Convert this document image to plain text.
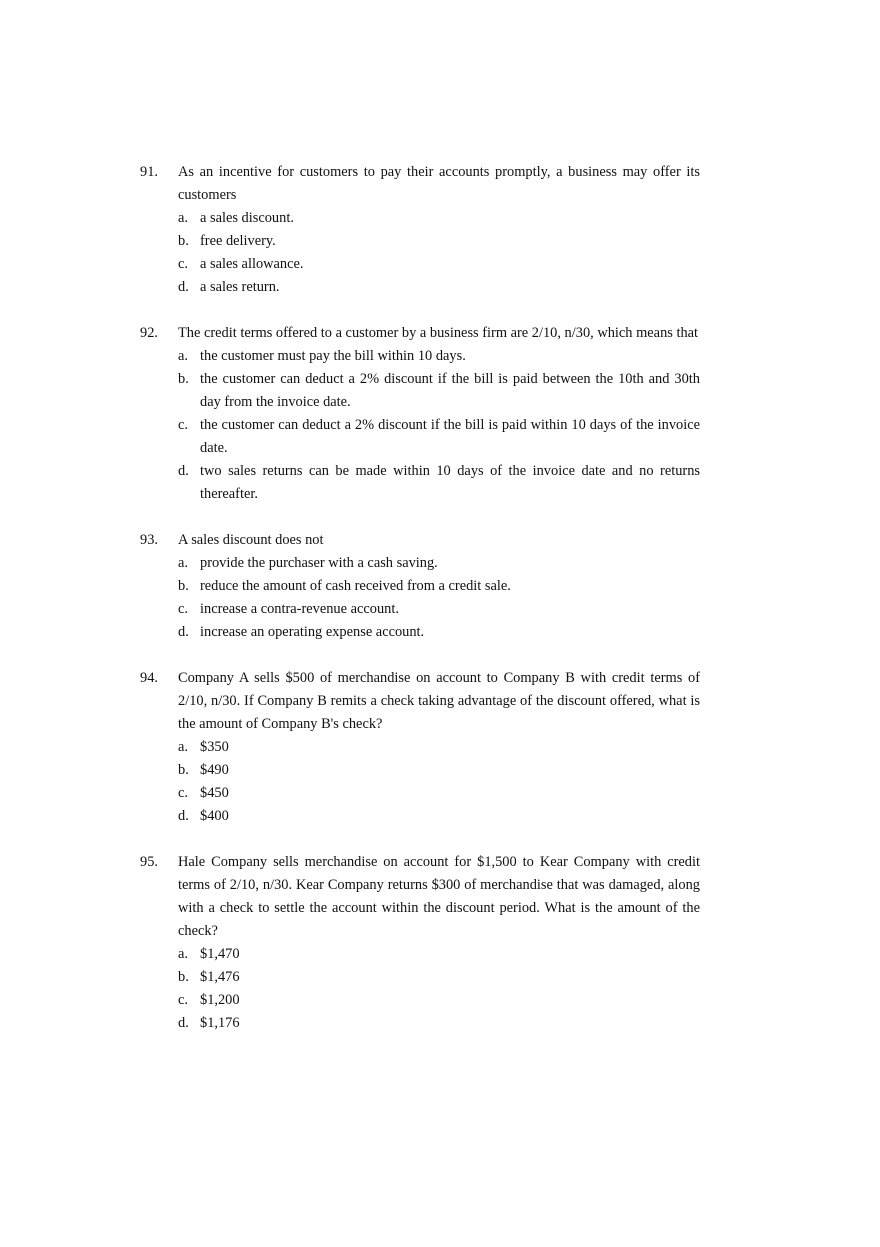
91.	As an incentive for customers to pay their accounts promptly, a business may offer its customers
a. a sales discount.
b. free delivery.
c. a sales allowance.
d. a sales return.
92.	The credit terms offered to a customer by a business firm are 2/10, n/30, which means that
a. the customer must pay the bill within 10 days.
b. the customer can deduct a 2% discount if the bill is paid between the 10th and 30th day from the invoice date.
c. the customer can deduct a 2% discount if the bill is paid within 10 days of the invoice date.
d. two sales returns can be made within 10 days of the invoice date and no returns thereafter.
93.	A sales discount does not
a. provide the purchaser with a cash saving.
b. reduce the amount of cash received from a credit sale.
c. increase a contra-revenue account.
d. increase an operating expense account.
94.	Company A sells $500 of merchandise on account to Company B with credit terms of 2/10, n/30. If Company B remits a check taking advantage of the discount offered, what is the amount of Company B's check?
a. $350
b. $490
c. $450
d. $400
95.	Hale Company sells merchandise on account for $1,500 to Kear Company with credit terms of 2/10, n/30. Kear Company returns $300 of merchandise that was damaged, along with a check to settle the account within the discount period. What is the amount of the check?
a. $1,470
b. $1,476
c. $1,200
d. $1,176
